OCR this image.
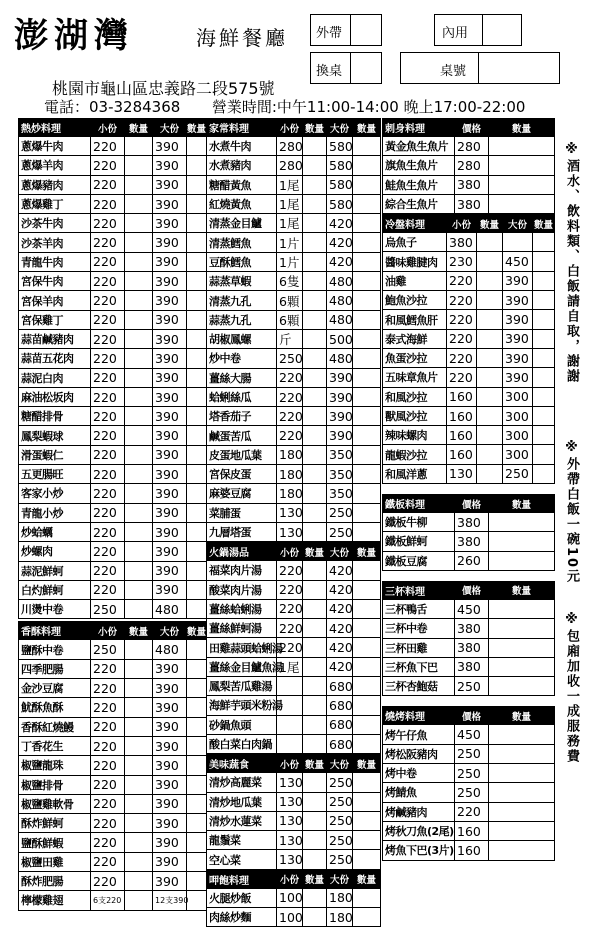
澎湖灣	海鮮餐廳
桃園市龜山區忠義路二段575號
電話：03-3284368 營業時間:中午11:00-14:00 晚上17:00-22:00
外帶	內用
換桌	桌號
熱炒料理	小份	數量	大份	數量
蔥爆牛肉	220		390	
蔥爆羊肉	220		390	
蔥爆豬肉	220		390	
蔥爆雞丁	220		390	
沙茶牛肉	220		390	
沙茶羊肉	220		390	
青龍牛肉	220		390	
宮保牛肉	220		390	
宮保羊肉	220		390	
宮保雞丁	220		390	
蒜苗鹹豬肉	220		390	
蒜苗五花肉	220		390	
蒜泥白肉	220		390	
麻油松坂肉	220		390	
糖醋排骨	220		390	
鳳梨蝦球	220		390	
滑蛋蝦仁	220		390	
五更腸旺	220		390	
客家小炒	220		390	
青龍小炒	220		390	
炒蛤蠣	220		390	
炒螺肉	220		390	
蒜泥鮮蚵	220		390	
白灼鮮蚵	220		390	
川燙中卷	250		480	
香酥料理	小份	數量	大份	數量
鹽酥中卷	250		480	
四季肥腸	220		390	
金沙豆腐	220		390	
魷酥魚酥	220		390	
香酥紅燒鰻	220		390	
丁香花生	220		390	
椒鹽龍珠	220		390	
椒鹽排骨	220		390	
椒鹽雞軟骨	220		390	
酥炸鮮蚵	220		390	
鹽酥鮮蝦	220		390	
椒鹽田雞	220		390	
酥炸肥腸	220		390	
檸檬雞翅	6支220		12支390	
家常料理	小份	數量	大份	數量
水煮牛肉	280		580	
水煮豬肉	280		580	
糖醋黃魚	1尾		580	
紅燒黃魚	1尾		580	
清蒸金目鱸	1尾		420	
清蒸鱈魚	1片		420	
豆酥鱈魚	1片		420	
蒜蒸草蝦	6隻		480	
清蒸九孔	6顆		480	
蒜蒸九孔	6顆		480	
胡椒鳳螺	斤		500	
炒中卷	250		480	
薑絲大腸	220		390	
蛤蜊絲瓜	220		390	
塔香茄子	220		390	
鹹蛋苦瓜	220		390	
皮蛋地瓜葉	180		350	
宮保皮蛋	180		350	
麻婆豆腐	180		350	
菜脯蛋	130		250	
九層塔蛋	130		250	
火鍋湯品	小份	數量	大份	數量
福菜肉片湯	220		420	
酸菜肉片湯	220		420	
薑絲蛤蜊湯	220		420	
薑絲鮮蚵湯	220		420	
田雞蒜頭蛤蜊湯	220		420	
薑絲金目鱸魚湯	1尾		420	
鳳梨苦瓜雞湯			680	
海鮮芋頭米粉湯			680	
砂鍋魚頭			680	
酸白菜白肉鍋			680	
美味蔬食	小份	數量	大份	數量
清炒高麗菜	130		250	
清炒地瓜葉	130		250	
清炒水蓮菜	130		250	
龍鬚菜	130		250	
空心菜	130		250	
呷飽料理	小份	數量	大份	數量
火腿炒飯	100		180	
肉絲炒麵	100		180	
刺身料理	價格	數量
黃金魚生魚片	280	
旗魚生魚片	280	
鮭魚生魚片	380	
綜合生魚片	380	
冷盤料理	小份	數量	大份	數量
烏魚子	380			
醬味雞腱肉	230		450	
油雞	220		390	
鮑魚沙拉	220		390	
和風鱈魚肝	220		390	
泰式海鮮	220		390	
魚蛋沙拉	220		390	
五味章魚片	220		390	
和風沙拉	160		300	
獸風沙拉	160		300	
辣味螺肉	160		300	
龍蝦沙拉	160		300	
和風洋蔥	130		250	
鐵板料理	價格	數量
鐵板牛柳	380	
鐵板鮮蚵	380	
鐵板豆腐	260	
三杯料理	價格	數量
三杯鴨舌	450	
三杯中卷	380	
三杯田雞	380	
三杯魚下巴	380	
三杯杏鮑菇	250	
燒烤料理	價格	數量
烤午仔魚	450	
烤松阪豬肉	250	
烤中卷	250	
烤鯖魚	250	
烤鹹豬肉	220	
烤秋刀魚(2尾)	160	
烤魚下巴(3片)	160	
※酒水、飲料類、白飯請自取，謝謝
※外帶白飯一碗10元
※包廂加收一成服務費
